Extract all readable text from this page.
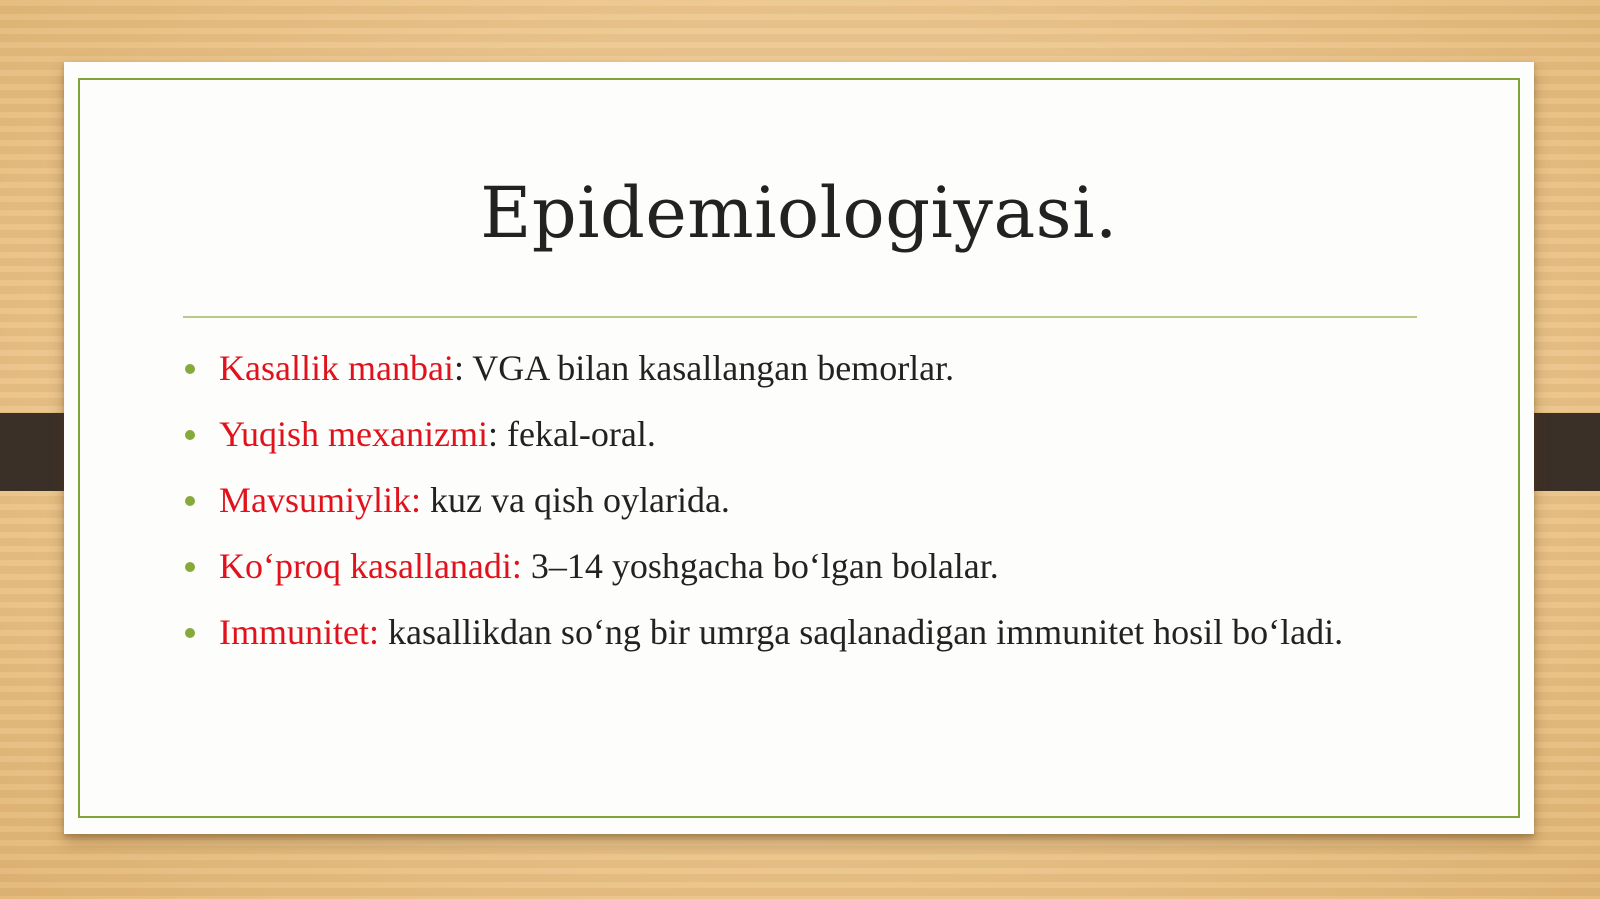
Epidemiologiyasi.
Kasallik manbai: VGA bilan kasallangan bemorlar.
Yuqish mexanizmi: fekal-oral.
Mavsumiylik: kuz va qish oylarida.
Ko‘proq kasallanadi: 3–14 yoshgacha bo‘lgan bolalar.
Immunitet: kasallikdan so‘ng bir umrga saqlanadigan immunitet hosil bo‘ladi.
